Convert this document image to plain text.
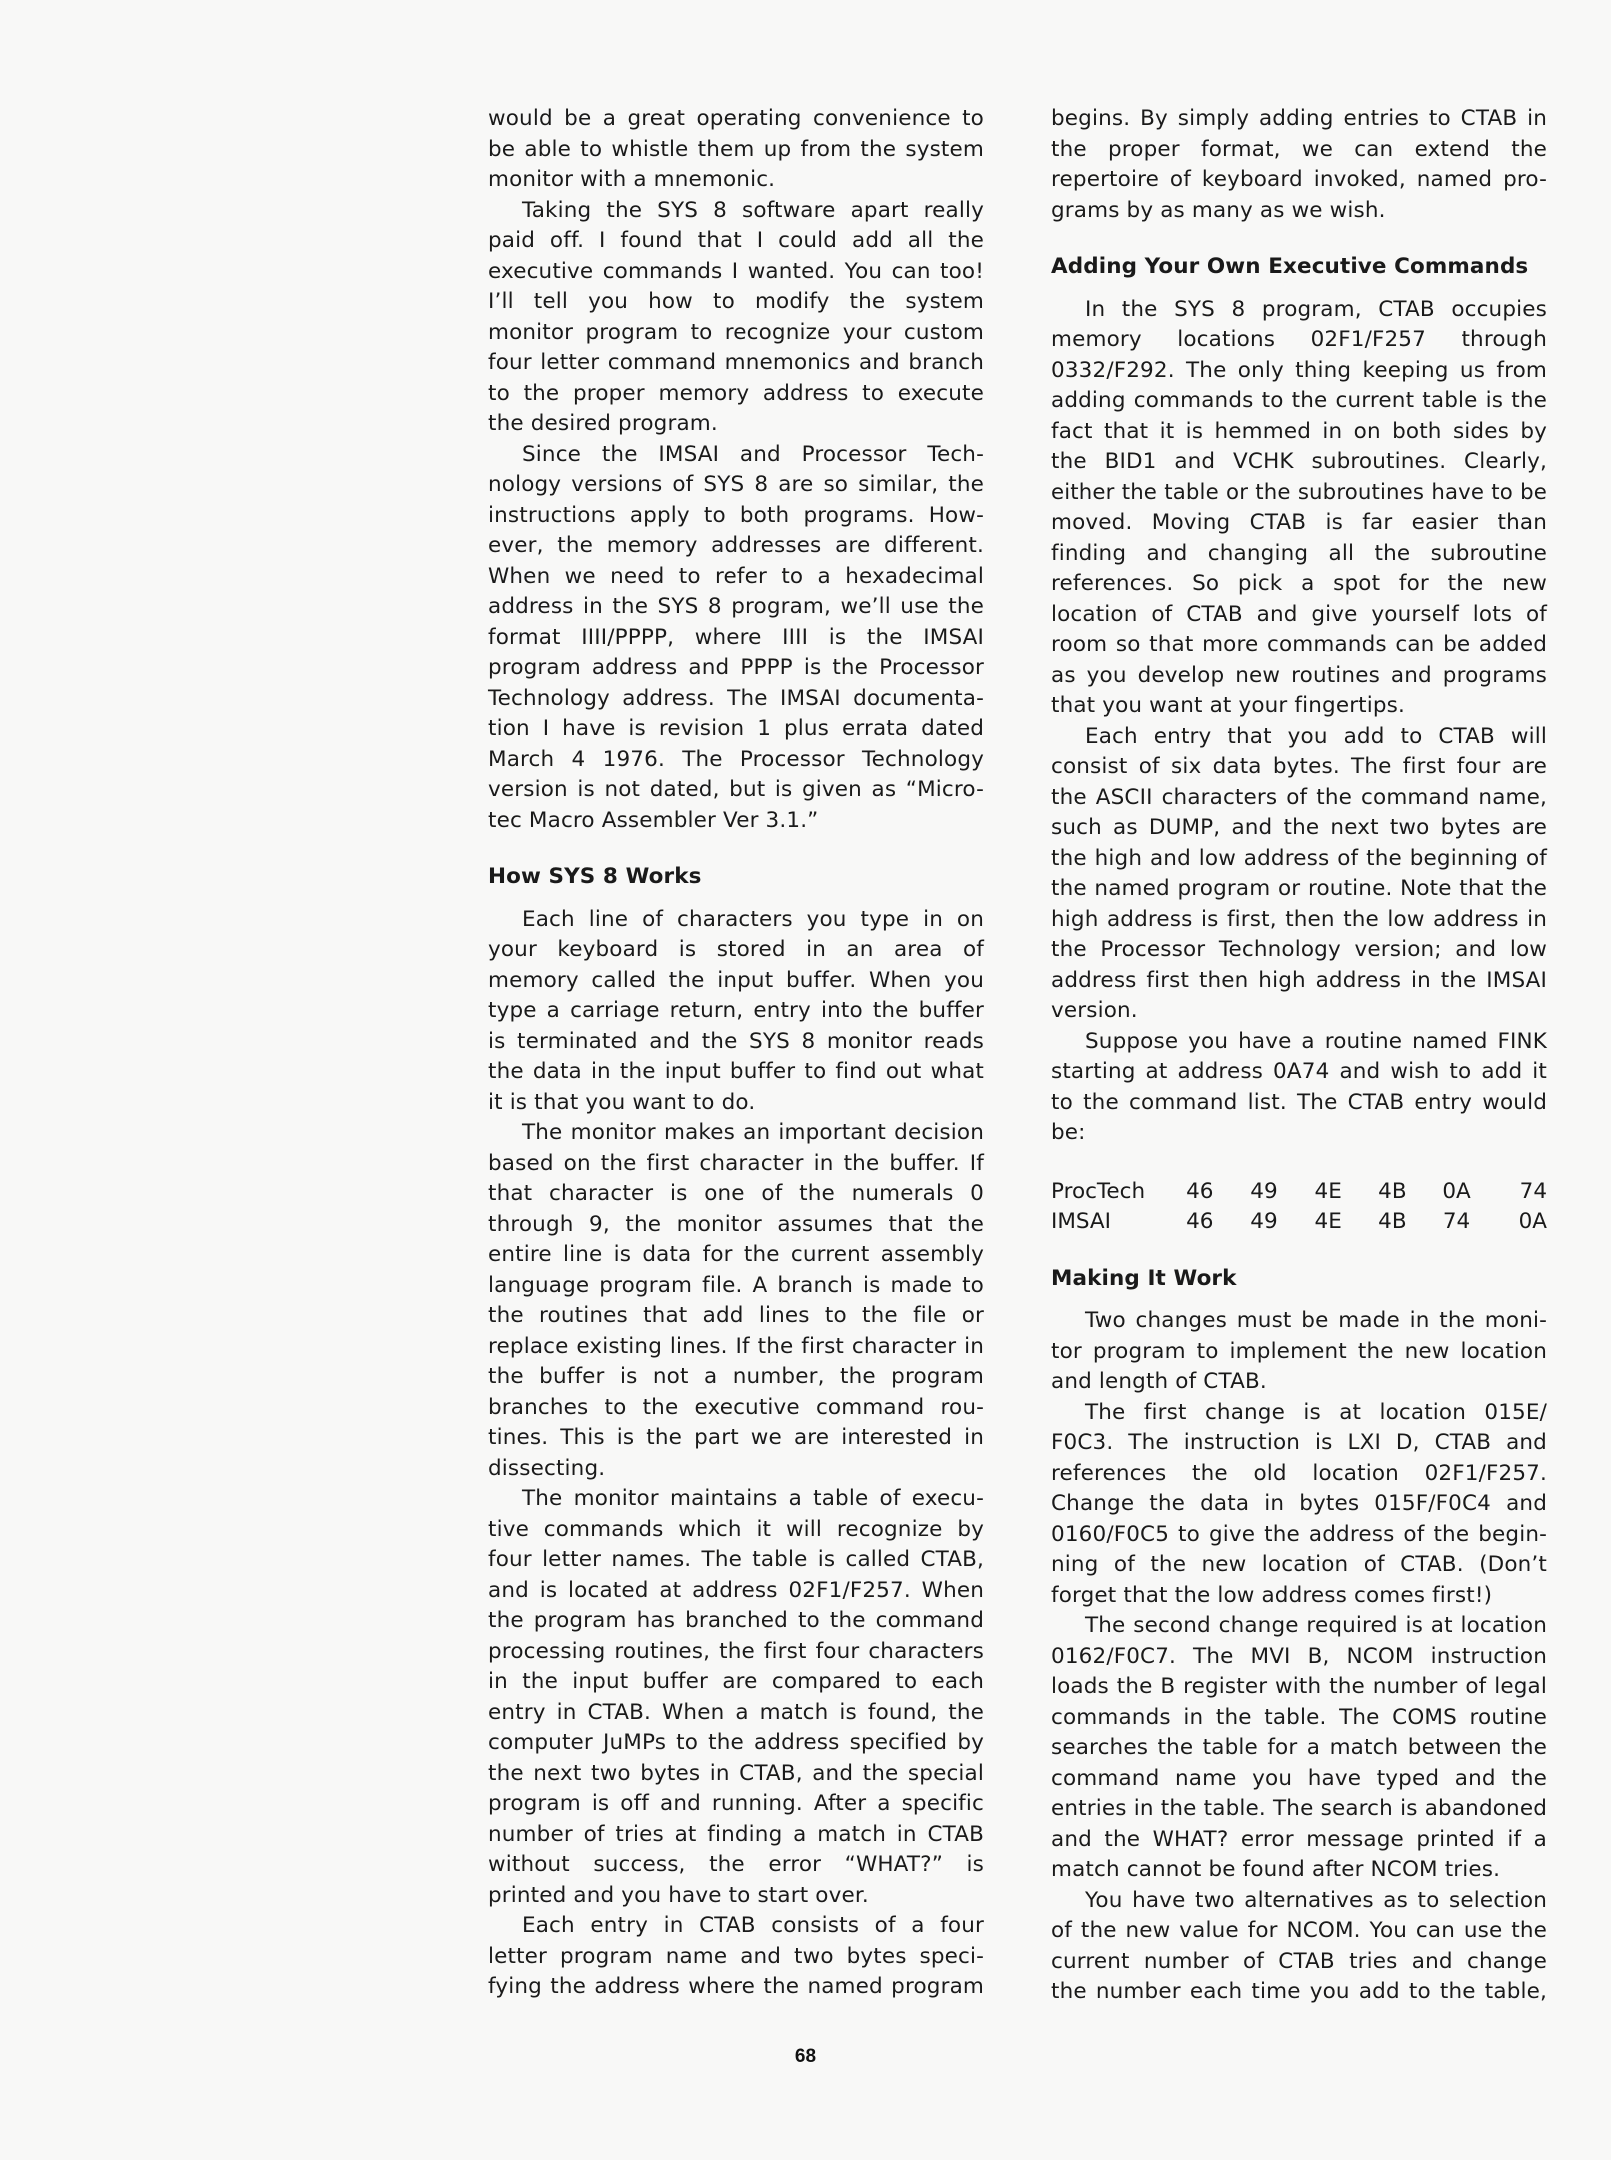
would be a great operating convenience to
be able to whistle them up from the system
monitor with a mnemonic.
Taking the SYS 8 software apart really
paid off. I found that I could add all the
executive commands I wanted. You can too!
I’ll tell you how to modify the system
monitor program to recognize your custom
four letter command mnemonics and branch
to the proper memory address to execute
the desired program.
Since the IMSAI and Processor Tech-
nology versions of SYS 8 are so similar, the
instructions apply to both programs. How-
ever, the memory addresses are different.
When we need to refer to a hexadecimal
address in the SYS 8 program, we’ll use the
format IIII/PPPP, where IIII is the IMSAI
program address and PPPP is the Processor
Technology address. The IMSAI documenta-
tion I have is revision 1 plus errata dated
March 4 1976. The Processor Technology
version is not dated, but is given as “Micro-
tec Macro Assembler Ver 3.1.”
How SYS 8 Works
Each line of characters you type in on
your keyboard is stored in an area of
memory called the input buffer. When you
type a carriage return, entry into the buffer
is terminated and the SYS 8 monitor reads
the data in the input buffer to find out what
it is that you want to do.
The monitor makes an important decision
based on the first character in the buffer. If
that character is one of the numerals 0
through 9, the monitor assumes that the
entire line is data for the current assembly
language program file. A branch is made to
the routines that add lines to the file or
replace existing lines. If the first character in
the buffer is not a number, the program
branches to the executive command rou-
tines. This is the part we are interested in
dissecting.
The monitor maintains a table of execu-
tive commands which it will recognize by
four letter names. The table is called CTAB,
and is located at address 02F1/F257. When
the program has branched to the command
processing routines, the first four characters
in the input buffer are compared to each
entry in CTAB. When a match is found, the
computer JuMPs to the address specified by
the next two bytes in CTAB, and the special
program is off and running. After a specific
number of tries at finding a match in CTAB
without success, the error “WHAT?” is
printed and you have to start over.
Each entry in CTAB consists of a four
letter program name and two bytes speci-
fying the address where the named program
begins. By simply adding entries to CTAB in
the proper format, we can extend the
repertoire of keyboard invoked, named pro-
grams by as many as we wish.
Adding Your Own Executive Commands
In the SYS 8 program, CTAB occupies
memory locations 02F1/F257 through
0332/F292. The only thing keeping us from
adding commands to the current table is the
fact that it is hemmed in on both sides by
the BID1 and VCHK subroutines. Clearly,
either the table or the subroutines have to be
moved. Moving CTAB is far easier than
finding and changing all the subroutine
references. So pick a spot for the new
location of CTAB and give yourself lots of
room so that more commands can be added
as you develop new routines and programs
that you want at your fingertips.
Each entry that you add to CTAB will
consist of six data bytes. The first four are
the ASCII characters of the command name,
such as DUMP, and the next two bytes are
the high and low address of the beginning of
the named program or routine. Note that the
high address is first, then the low address in
the Processor Technology version; and low
address first then high address in the IMSAI
version.
Suppose you have a routine named FINK
starting at address 0A74 and wish to add it
to the command list. The CTAB entry would
be:
ProcTech	46	49	4E	4B	0A	74
IMSAI	46	49	4E	4B	74	0A
Making It Work
Two changes must be made in the moni-
tor program to implement the new location
and length of CTAB.
The first change is at location 015E/
F0C3. The instruction is LXI D, CTAB and
references the old location 02F1/F257.
Change the data in bytes 015F/F0C4 and
0160/F0C5 to give the address of the begin-
ning of the new location of CTAB. (Don’t
forget that the low address comes first!)
The second change required is at location
0162/F0C7. The MVI B, NCOM instruction
loads the B register with the number of legal
commands in the table. The COMS routine
searches the table for a match between the
command name you have typed and the
entries in the table. The search is abandoned
and the WHAT? error message printed if a
match cannot be found after NCOM tries.
You have two alternatives as to selection
of the new value for NCOM. You can use the
current number of CTAB tries and change
the number each time you add to the table,
68
